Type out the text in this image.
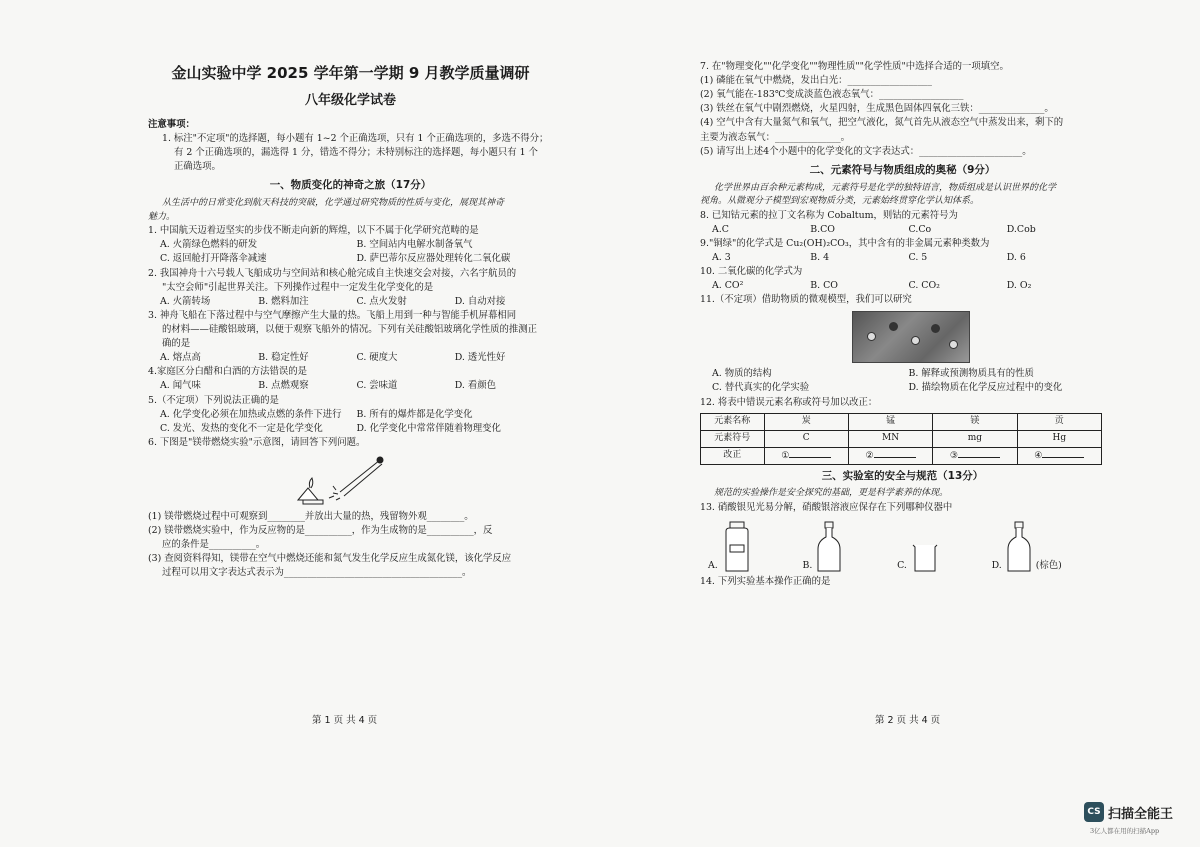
金山实验中学 2025 学年第一学期 9 月教学质量调研
八年级化学试卷
注意事项：
1. 标注"不定项"的选择题，每小题有 1~2 个正确选项，只有 1 个正确选项的，多选不得分；
有 2 个正确选项的，漏选得 1 分，错选不得分；未特别标注的选择题，每小题只有 1 个
正确选项。
一、物质变化的神奇之旅（17分）
从生活中的日常变化到航天科技的突破，化学通过研究物质的性质与变化，展现其神奇
魅力。
1. 中国航天迈着迈坚实的步伐不断走向新的辉煌，以下不属于化学研究范畴的是
A. 火箭绿色燃料的研发	B. 空间站内电解水制备氧气
C. 返回舱打开降落伞减速	D. 萨巴蒂尔反应器处理转化二氧化碳
2. 我国神舟十六号载人飞船成功与空间站和核心舱完成自主快速交会对接，六名宇航员的
"太空会师"引起世界关注。下列操作过程中一定发生化学变化的是
A. 火箭转场	B. 燃料加注	C. 点火发射	D. 自动对接
3. 神舟飞船在下落过程中与空气摩擦产生大量的热。飞船上用到一种与智能手机屏幕相同
的材料——硅酸铝玻璃，以便于观察飞船外的情况。下列有关硅酸铝玻璃化学性质的推测正
确的是
A. 熔点高	B. 稳定性好	C. 硬度大	D. 透光性好
4.家庭区分白醋和白酒的方法错误的是
A. 闻气味	B. 点燃观察	C. 尝味道	D. 看颜色
5.（不定项）下列说法正确的是
A. 化学变化必须在加热或点燃的条件下进行	B. 所有的爆炸都是化学变化
C. 发光、发热的变化不一定是化学变化	D. 化学变化中常常伴随着物理变化
6. 下图是"镁带燃烧实验"示意图，请回答下列问题。
(1) 镁带燃烧过程中可观察到________并放出大量的热，残留物外观________。
(2) 镁带燃烧实验中，作为反应物的是__________，作为生成物的是__________，反
应的条件是__________。
(3) 查阅资料得知，镁带在空气中燃烧还能和氮气发生化学反应生成氮化镁，该化学反应
过程可以用文字表达式表示为______________________________________。
第 1 页 共 4 页
7. 在"物理变化""化学变化""物理性质""化学性质"中选择合适的一项填空。
(1) 磷能在氧气中燃烧，发出白光：__________________
(2) 氧气能在-183℃变成淡蓝色液态氧气：__________________
(3) 铁丝在氧气中剧烈燃烧，火星四射，生成黑色固体四氧化三铁：______________。
(4) 空气中含有大量氮气和氧气，把空气液化，氮气首先从液态空气中蒸发出来，剩下的
主要为液态氧气：______________。
(5) 请写出上述4个小题中的化学变化的文字表达式：______________________。
二、元素符号与物质组成的奥秘（9分）
化学世界由百余种元素构成，元素符号是化学的独特语言，物质组成是认识世界的化学
视角。从微观分子模型到宏观物质分类，元素始终贯穿化学认知体系。
8. 已知钴元素的拉丁文名称为 Cobaltum，则钴的元素符号为
A.C	B.CO	C.Co	D.Cob
9."铜绿"的化学式是 Cu₂(OH)₂CO₃，其中含有的非金属元素种类数为
A. 3	B. 4	C. 5	D. 6
10. 二氧化碳的化学式为
A. CO²	B. CO	C. CO₂	D. O₂
11.（不定项）借助物质的微观模型，我们可以研究
A. 物质的结构	B. 解释或预测物质具有的性质
C. 替代真实的化学实验	D. 描绘物质在化学反应过程中的变化
12. 将表中错误元素名称或符号加以改正：
元素名称	炭	锰	镁	贡
元素符号	C	MN	mg	Hg
改正	①	②	③	④
三、实验室的安全与规范（13分）
规范的实验操作是安全探究的基础，更是科学素养的体现。
13. 硝酸银见光易分解，硝酸银溶液应保存在下列哪种仪器中
A.	B.	C.	D.	(棕色)
14. 下列实验基本操作正确的是
第 2 页 共 4 页
CS 扫描全能王
3亿人都在用的扫描App
